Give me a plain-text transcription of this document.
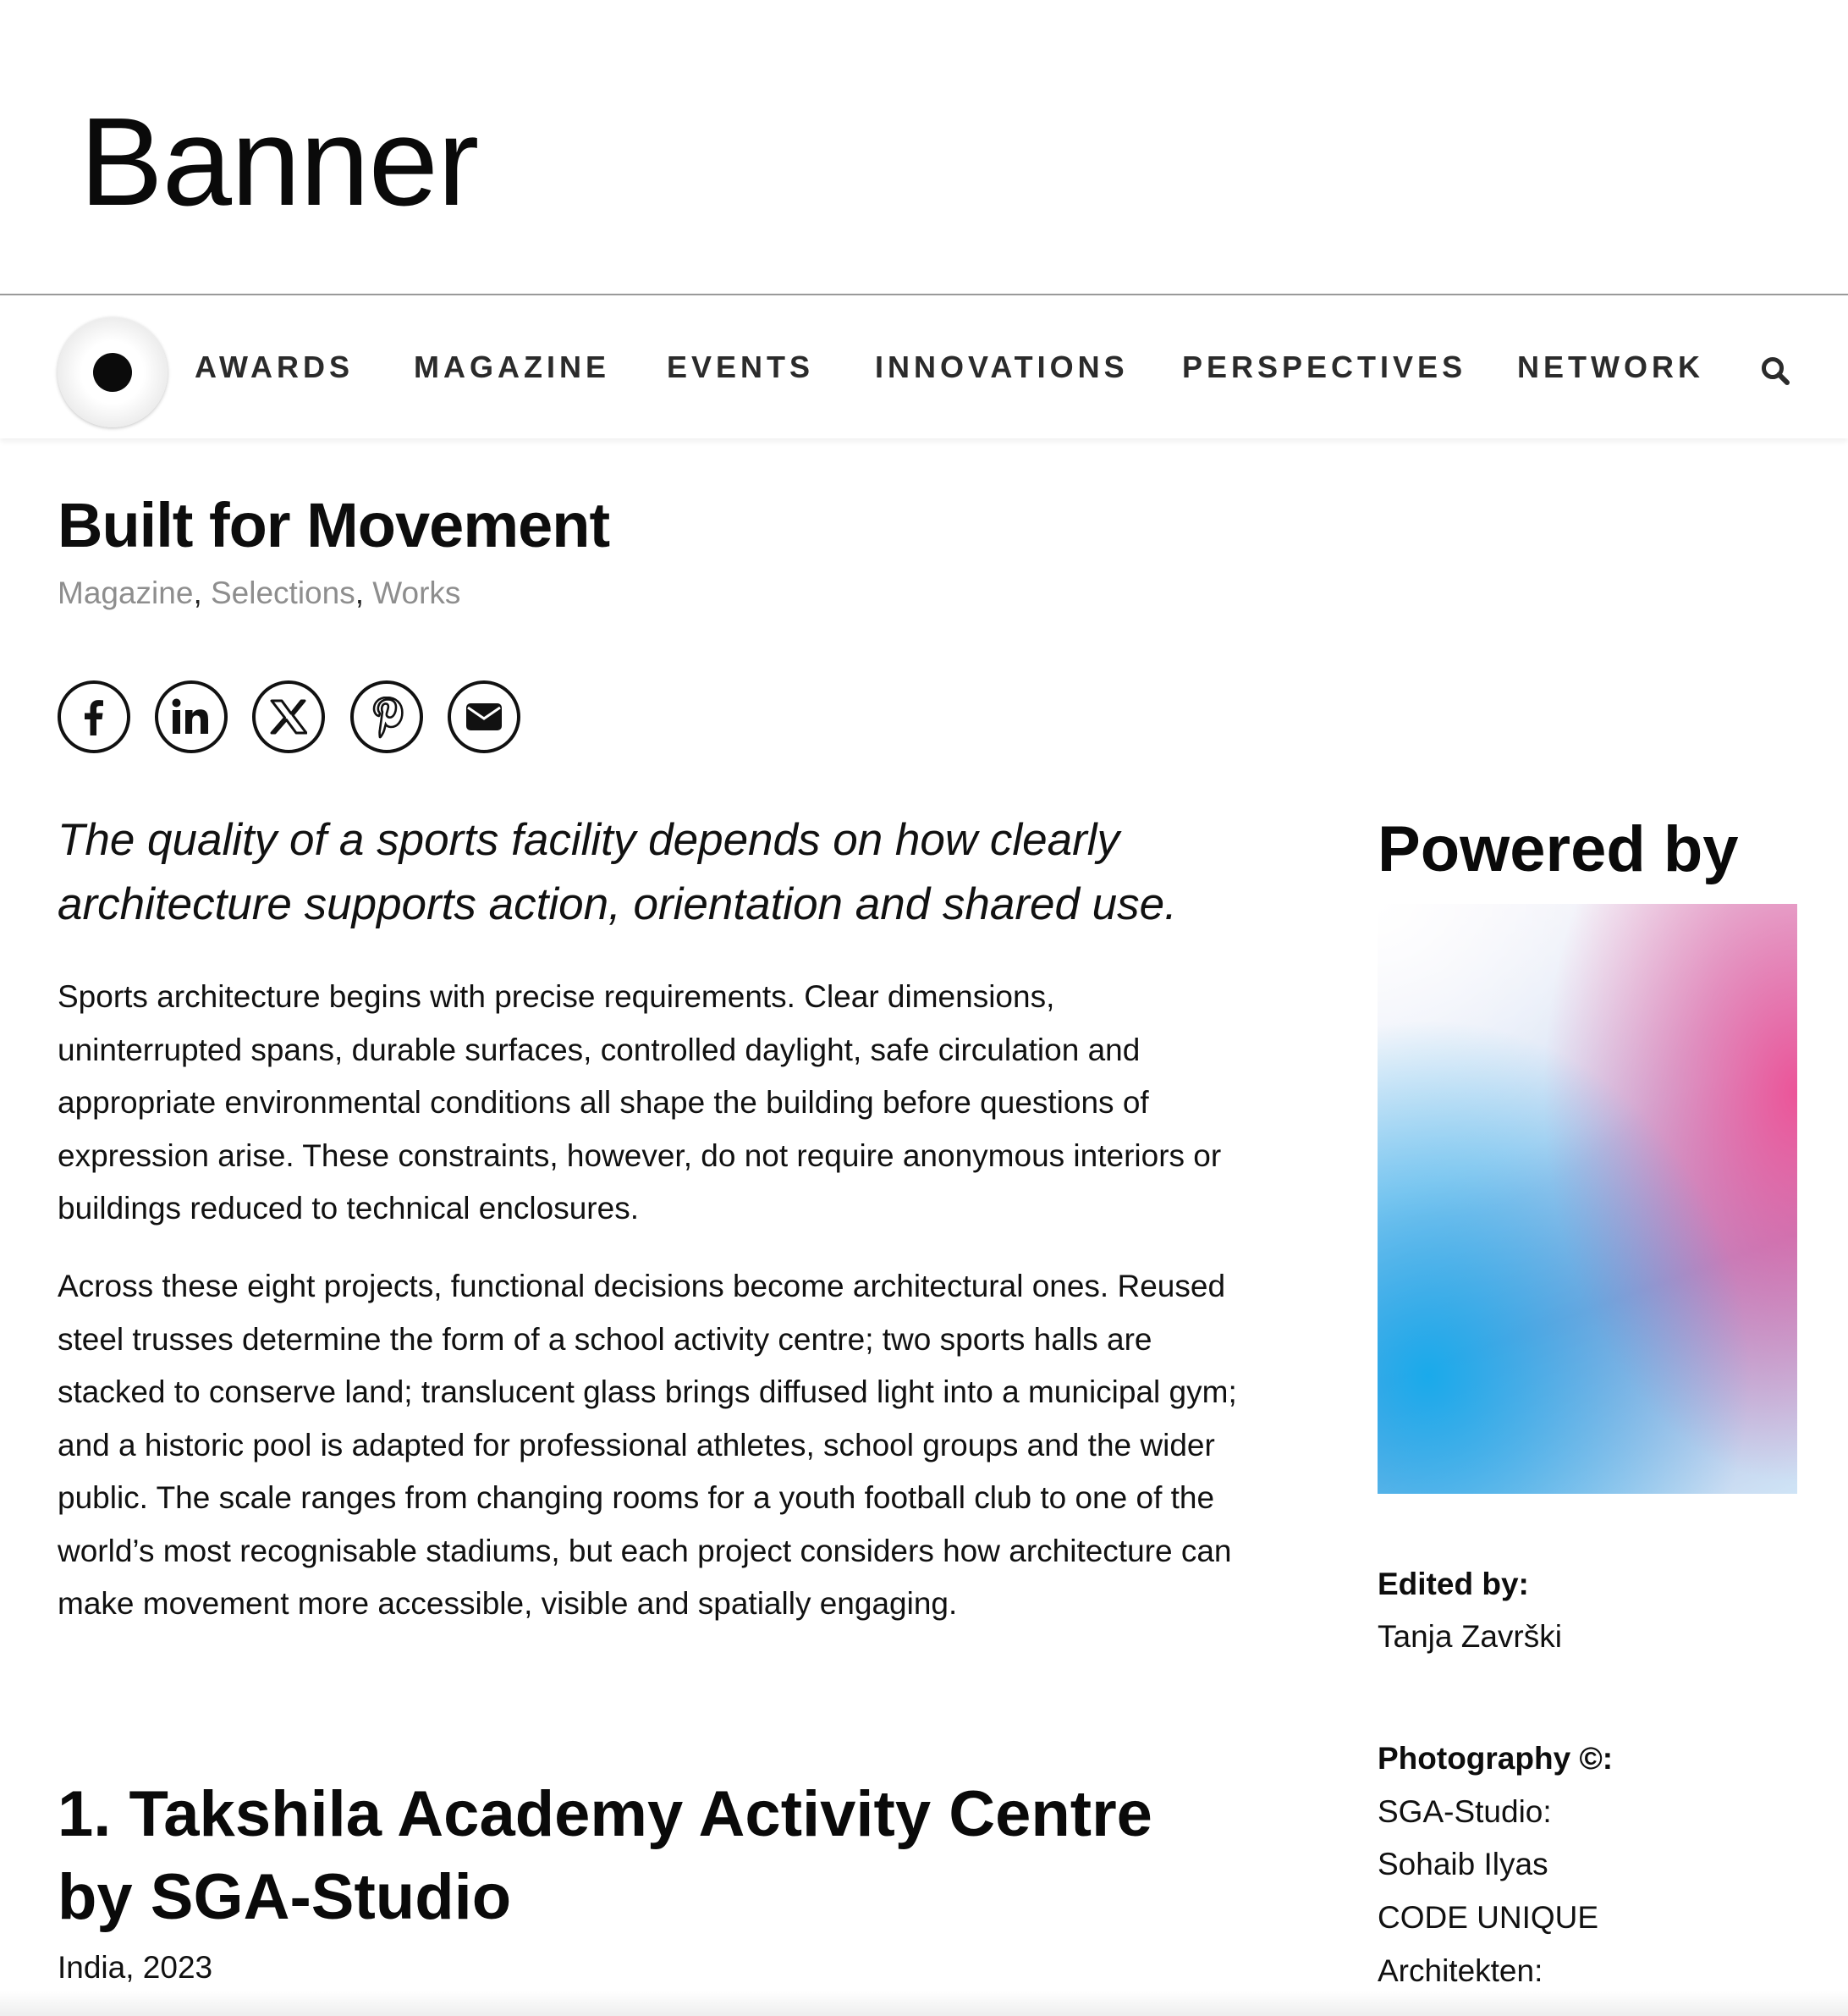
Banner
AWARDS MAGAZINE EVENTS INNOVATIONS PERSPECTIVES NETWORK
Built for Movement
Magazine, Selections, Works
The quality of a sports facility depends on how clearly architecture supports action, orientation and shared use.
Sports architecture begins with precise requirements. Clear dimensions, uninterrupted spans, durable surfaces, controlled daylight, safe circulation and appropriate environmental conditions all shape the building before questions of expression arise. These constraints, however, do not require anonymous interiors or buildings reduced to technical enclosures.
Across these eight projects, functional decisions become architectural ones. Reused steel trusses determine the form of a school activity centre; two sports halls are stacked to conserve land; translucent glass brings diffused light into a municipal gym; and a historic pool is adapted for professional athletes, school groups and the wider public. The scale ranges from changing rooms for a youth football club to one of the world’s most recognisable stadiums, but each project considers how architecture can make movement more accessible, visible and spatially engaging.
1. Takshila Academy Activity Centre by SGA-Studio
India, 2023
Powered by
Edited by:
Tanja Završki
Photography ©:
SGA-Studio:
Sohaib Ilyas
CODE UNIQUE
Architekten:
